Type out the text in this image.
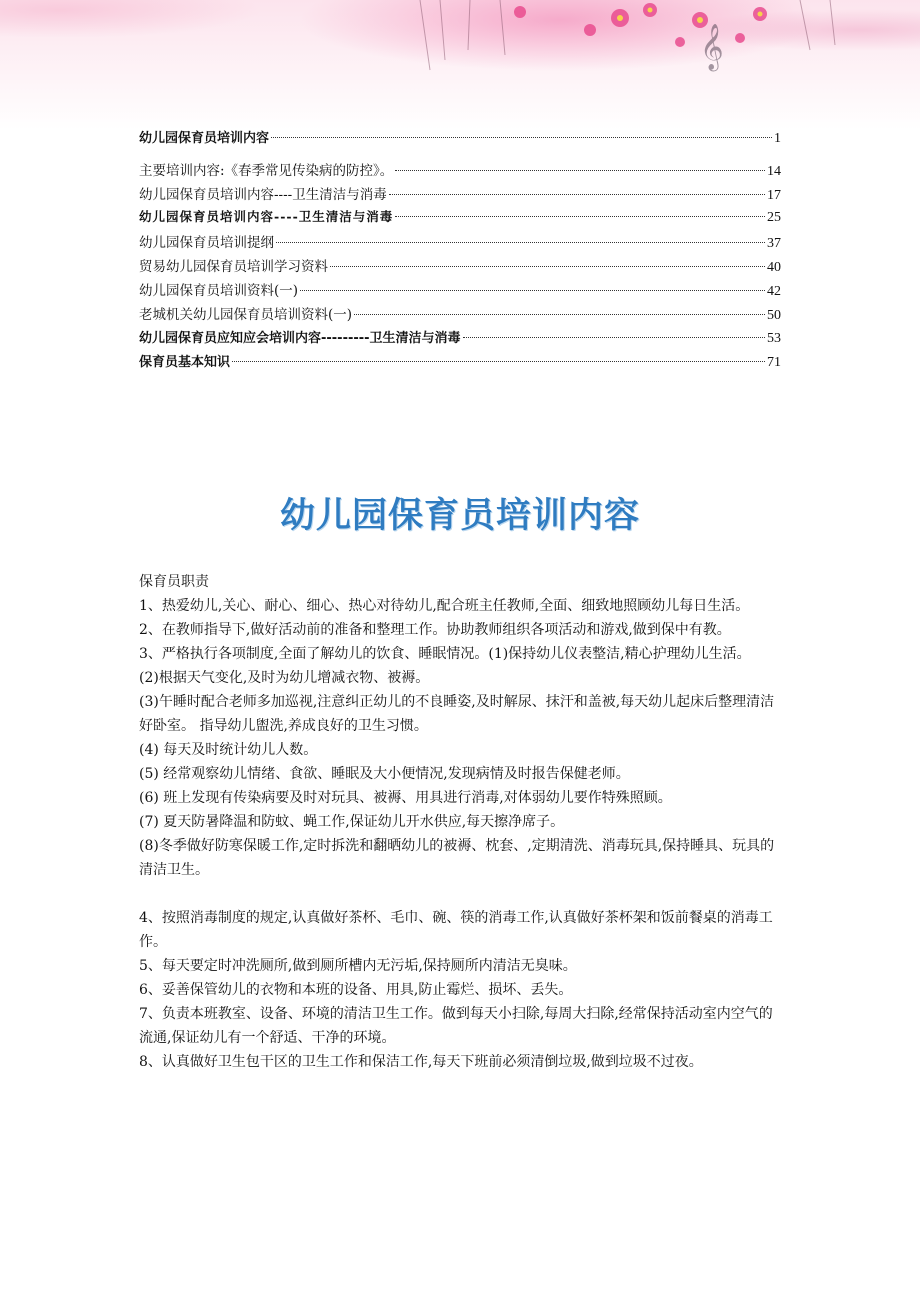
𝄞
幼儿园保育员培训内容	1
主要培训内容:《春季常见传染病的防控》。	14
幼儿园保育员培训内容----卫生清洁与消毒	17
幼儿园保育员培训内容----卫生清洁与消毒	25
幼儿园保育员培训提纲	37
贸易幼儿园保育员培训学习资料	40
幼儿园保育员培训资料(一)	42
老城机关幼儿园保育员培训资料(一)	50
幼儿园保育员应知应会培训内容---------卫生清洁与消毒	53
保育员基本知识	71
幼儿园保育员培训内容

保育员职责

1、热爱幼儿,关心、耐心、细心、热心对待幼儿,配合班主任教师,全面、细致地照顾幼儿每日生活。

2、在教师指导下,做好活动前的准备和整理工作。协助教师组织各项活动和游戏,做到保中有教。

3、严格执行各项制度,全面了解幼儿的饮食、睡眠情况。(1)保持幼儿仪表整洁,精心护理幼儿生活。

(2)根据天气变化,及时为幼儿增减衣物、被褥。

(3)午睡时配合老师多加巡视,注意纠正幼儿的不良睡姿,及时解尿、抹汗和盖被,每天幼儿起床后整理清洁好卧室。 指导幼儿盥洗,养成良好的卫生习惯。

(4) 每天及时统计幼儿人数。

(5) 经常观察幼儿情绪、食欲、睡眠及大小便情况,发现病情及时报告保健老师。

(6) 班上发现有传染病要及时对玩具、被褥、用具进行消毒,对体弱幼儿要作特殊照顾。

(7) 夏天防暑降温和防蚊、蝇工作,保证幼儿开水供应,每天擦净席子。

(8)冬季做好防寒保暖工作,定时拆洗和翻晒幼儿的被褥、枕套、,定期清洗、消毒玩具,保持睡具、玩具的清洁卫生。

4、按照消毒制度的规定,认真做好茶杯、毛巾、碗、筷的消毒工作,认真做好茶杯架和饭前餐桌的消毒工作。

5、每天要定时冲洗厕所,做到厕所槽内无污垢,保持厕所内清洁无臭味。

6、妥善保管幼儿的衣物和本班的设备、用具,防止霉烂、损坏、丢失。

7、负责本班教室、设备、环境的清洁卫生工作。做到每天小扫除,每周大扫除,经常保持活动室内空气的流通,保证幼儿有一个舒适、干净的环境。

8、认真做好卫生包干区的卫生工作和保洁工作,每天下班前必须清倒垃圾,做到垃圾不过夜。
